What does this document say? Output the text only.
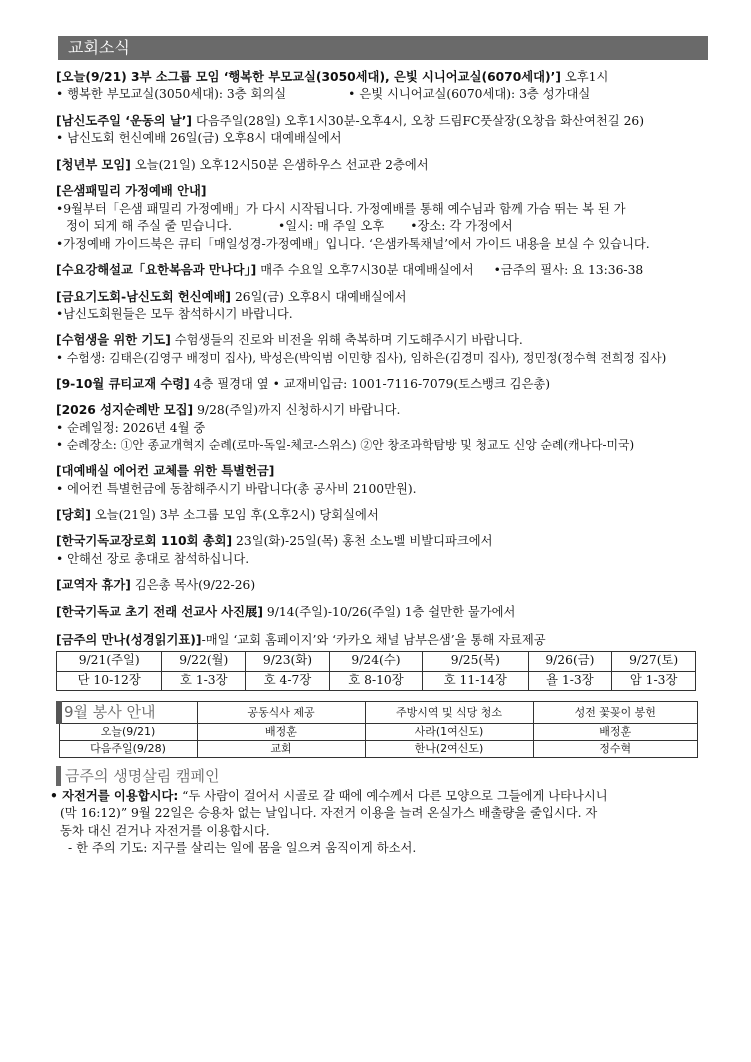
교회소식
[오늘(9/21) 3부 소그룹 모임 ‘행복한 부모교실(3050세대), 은빛 시니어교실(6070세대)’] 오후1시
• 행복한 부모교실(3050세대): 3층 회의실	• 은빛 시니어교실(6070세대): 3층 성가대실
[남신도주일 ‘운동의 날’] 다음주일(28일) 오후1시30분-오후4시, 오창 드림FC풋살장(오창읍 화산여천길 26)
• 남신도회 헌신예배 26일(금) 오후8시 대예배실에서
[청년부 모임] 오늘(21일) 오후12시50분 은샘하우스 선교관 2층에서
[은샘패밀리 가정예배 안내]
•9월부터「은샘 패밀리 가정예배」가 다시 시작됩니다. 가정예배를 통해 예수님과 함께 가슴 뛰는 복 된 가
정이 되게 해 주실 줄 믿습니다.	•일시: 매 주일 오후 •장소: 각 가정에서
•가정예배 가이드북은 큐티「매일성경-가정예배」입니다. ‘은샘카톡채널’에서 가이드 내용을 보실 수 있습니다.
[수요강해설교「요한복음과 만나다」] 매주 수요일 오후7시30분 대예배실에서 •금주의 필사: 요 13:36-38
[금요기도회-남신도회 헌신예배] 26일(금) 오후8시 대예배실에서
•남신도회원들은 모두 참석하시기 바랍니다.
[수험생을 위한 기도] 수험생들의 진로와 비전을 위해 축복하며 기도해주시기 바랍니다.
• 수험생: 김태은(김영구 배정미 집사), 박성은(박익범 이민향 집사), 임하은(김경미 집사), 정민정(정수혁 전희정 집사)
[9-10월 큐티교재 수령] 4층 필경대 옆 • 교재비입금: 1001-7116-7079(토스뱅크 김은총)
[2026 성지순례반 모집] 9/28(주일)까지 신청하시기 바랍니다.
• 순례일정: 2026년 4월 중
• 순례장소: ①안 종교개혁지 순례(로마-독일-체코-스위스) ②안 창조과학탐방 및 청교도 신앙 순례(캐나다-미국)
[대예배실 에어컨 교체를 위한 특별헌금]
• 에어컨 특별헌금에 동참해주시기 바랍니다(총 공사비 2100만원).
[당회] 오늘(21일) 3부 소그룹 모임 후(오후2시) 당회실에서
[한국기독교장로회 110회 총회] 23일(화)-25일(목) 홍천 소노벨 비발디파크에서
• 안해선 장로 총대로 참석하십니다.
[교역자 휴가] 김은총 목사(9/22-26)
[한국기독교 초기 전래 선교사 사진展] 9/14(주일)-10/26(주일) 1층 쉴만한 물가에서
[금주의 만나(성경읽기표)]-매일 ‘교회 홈페이지’와 ‘카카오 채널 남부은샘’을 통해 자료제공
9/21(주일)	9/22(월)	9/23(화)	9/24(수)	9/25(목)	9/26(금)	9/27(토)
단 10-12장	호 1-3장	호 4-7장	호 8-10장	호 11-14장	욜 1-3장	암 1-3장
9월 봉사 안내	공동식사 제공	주방시역 및 식당 청소	성전 꽃꽂이 봉헌
오늘(9/21)	배정훈	사라(1여신도)	배정훈
다음주일(9/28)	교회	한나(2여신도)	정수혁
금주의 생명살림 캠페인
• 자전거를 이용합시다: “두 사람이 걸어서 시골로 갈 때에 예수께서 다른 모양으로 그들에게 나타나시니
(막 16:12)” 9월 22일은 승용차 없는 날입니다. 자전거 이용을 늘려 온실가스 배출량을 줄입시다. 자
동차 대신 걷거나 자전거를 이용합시다.
- 한 주의 기도: 지구를 살리는 일에 몸을 일으켜 움직이게 하소서.
